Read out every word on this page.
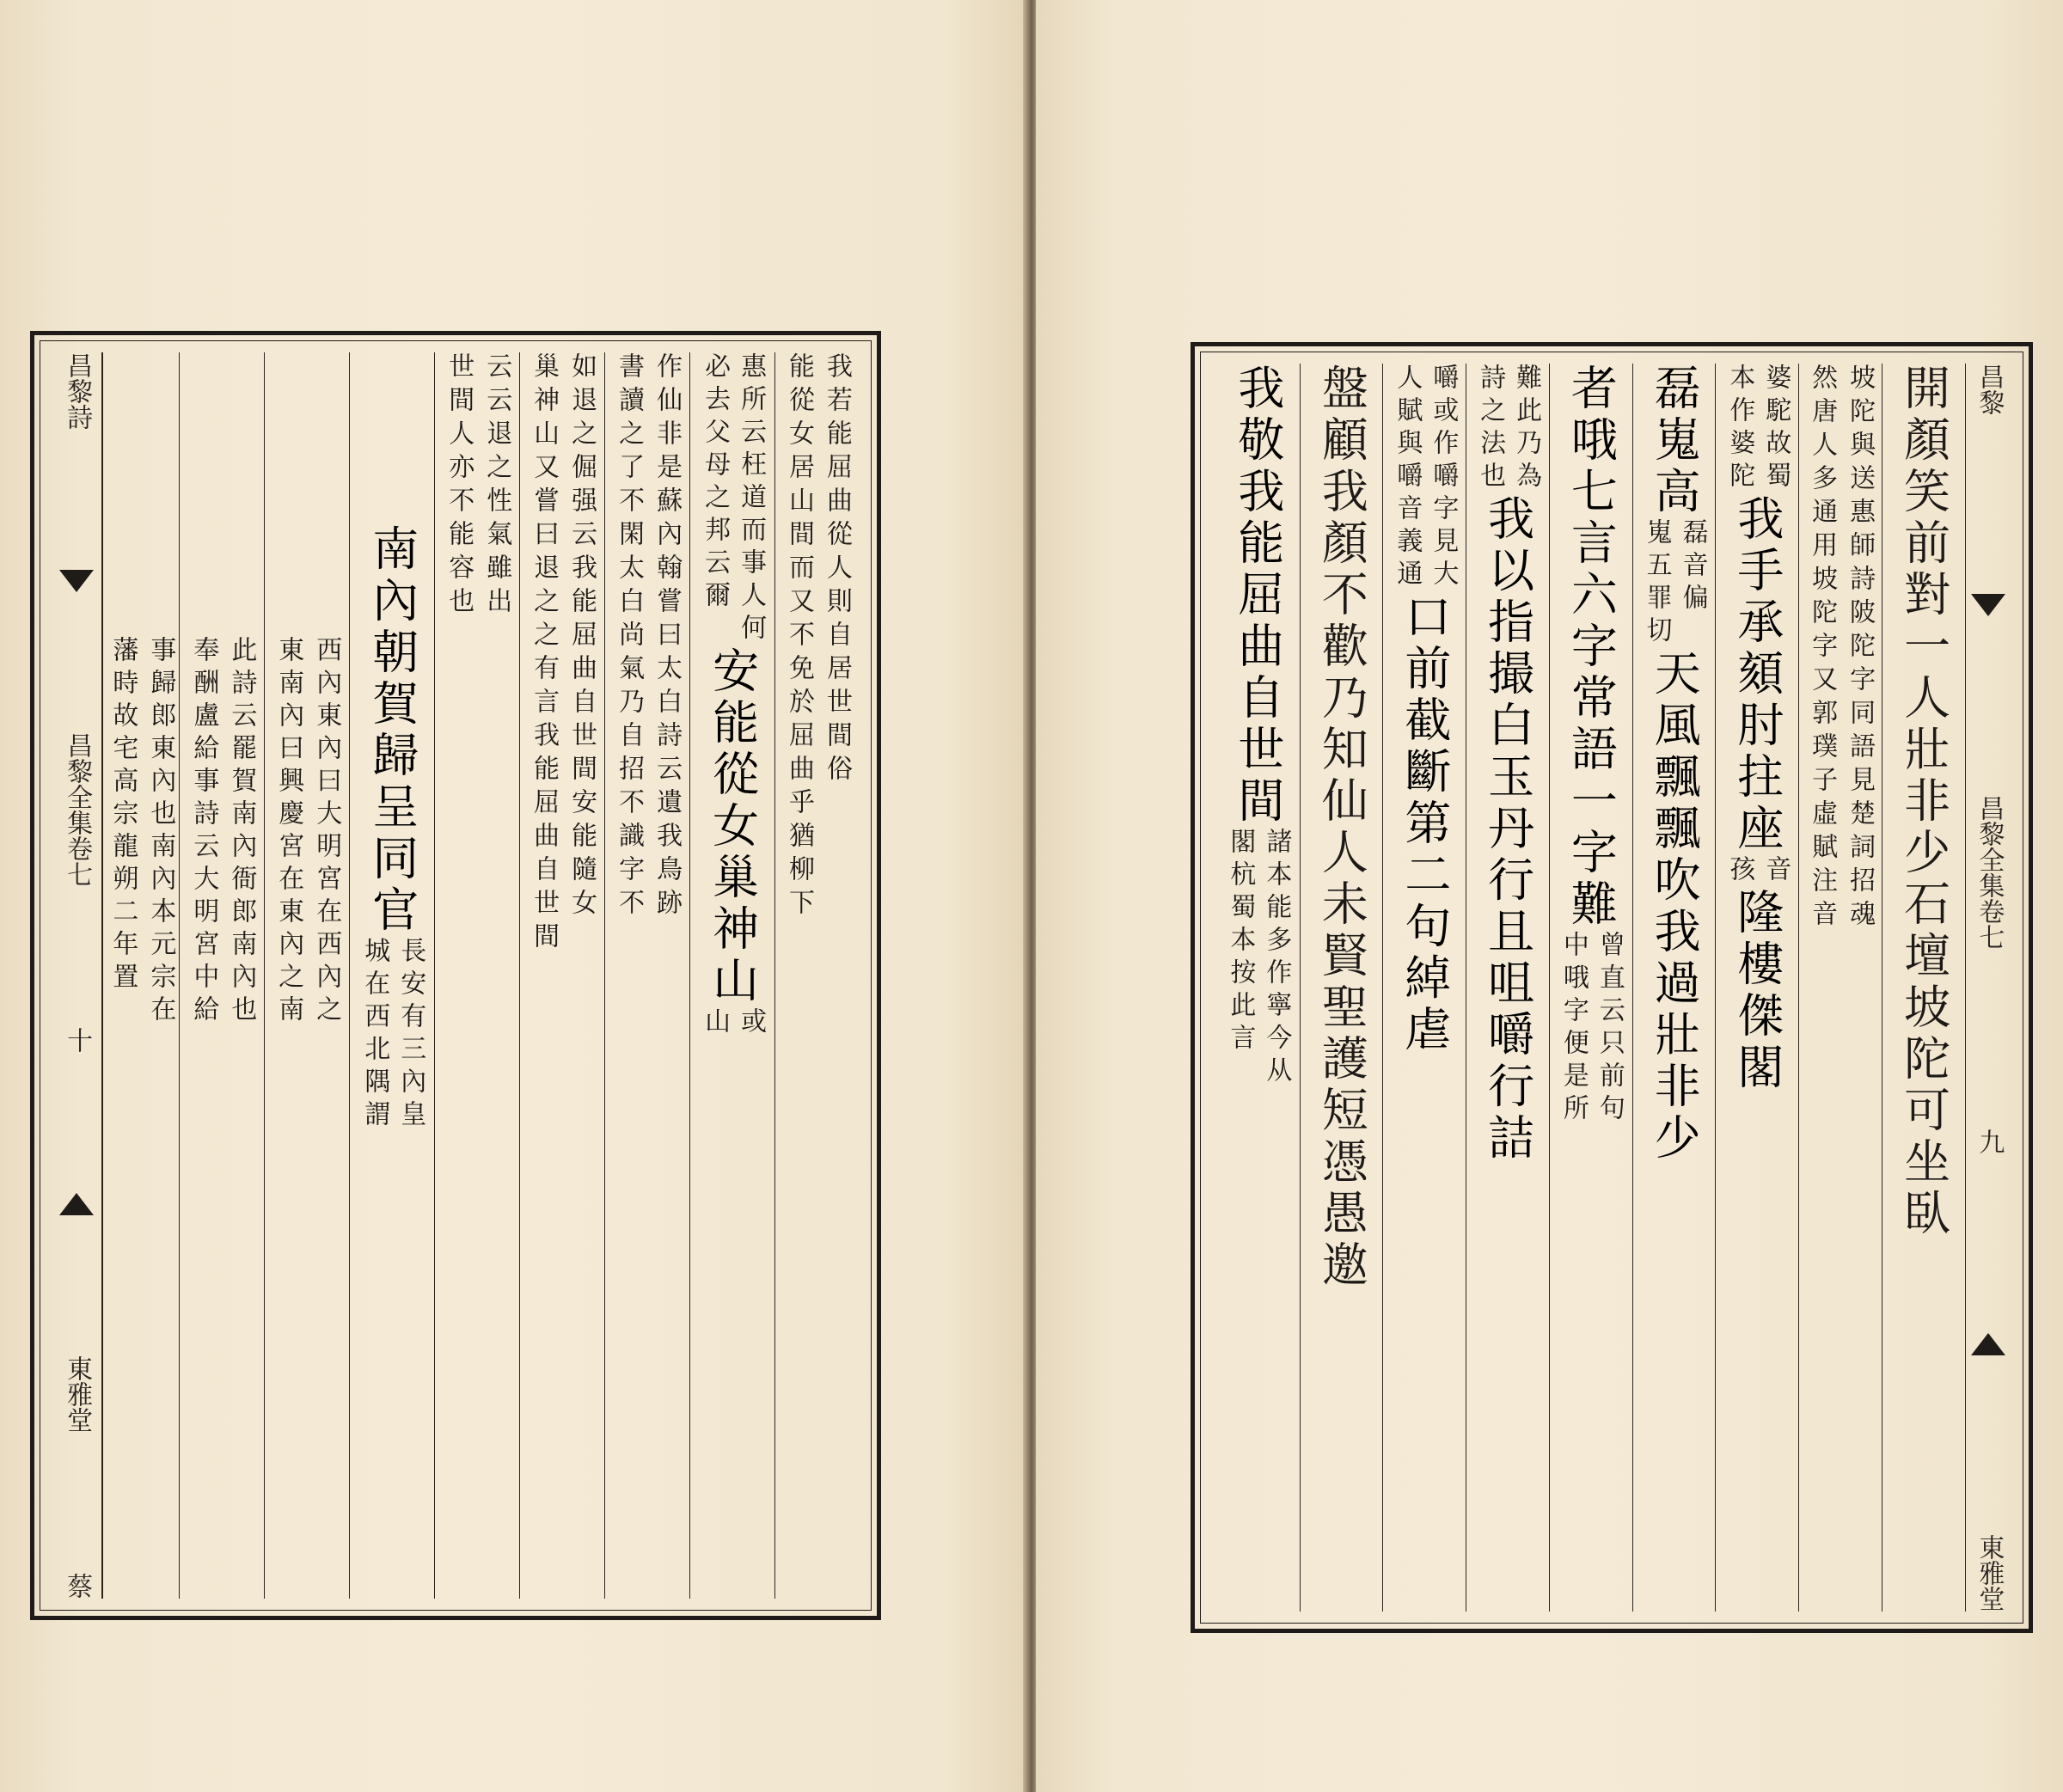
我若能屈曲從人則自居世間俗
能從女居山間而又不免於屈曲乎猶柳下
惠所云枉道而事人何
必去父母之邦云爾
安能從女巢神山
或
山
作仙非是蘇內翰嘗曰太白詩云遺我鳥跡
書讀之了不閑太白尚氣乃自招不識字不
如退之倔强云我能屈曲自世間安能隨女
巢神山又嘗曰退之之有言我能屈曲自世間
云云退之性氣雖出
世間人亦不能容也
南內朝賀歸呈同官
長安有三內皇
城在西北隅謂
西內東內曰大明宮在西內之
東南內曰興慶宮在東內之南
此詩云罷賀南內衙郎南內也
奉酬盧給事詩云大明宮中給
事歸郎東內也南內本元宗在
藩時故宅高宗龍朔二年置
昌黎詩
昌黎全集卷七
十
東雅堂
蔡
昌黎
昌黎全集卷七
九
東雅堂
開顏笑前對一人壯非少石壇坡陀可坐臥
坡陀與送惠師詩陂陀字同語見楚詞招魂
然唐人多通用坡陀字又郭璞子虛賦注音
婆駝故蜀
本作婆陀
我手承頦肘拄座
音
孩
隆樓傑閣
磊嵬高
磊音偏
嵬五罪切
天風飄飄吹我過壯非少
者哦七言六字常語一字難
曾直云只前句
中哦字便是所
難此乃為
詩之法也
我以指撮白玉丹行且咀嚼行詰
嚼或作嚼字見大
人賦與嚼音義通
口前截斷第二句綽虐
盤顧我顏不歡乃知仙人未賢聖護短憑愚邀
我敬我能屈曲自世間
諸本能多作寧今从
閣杭蜀本按此言
